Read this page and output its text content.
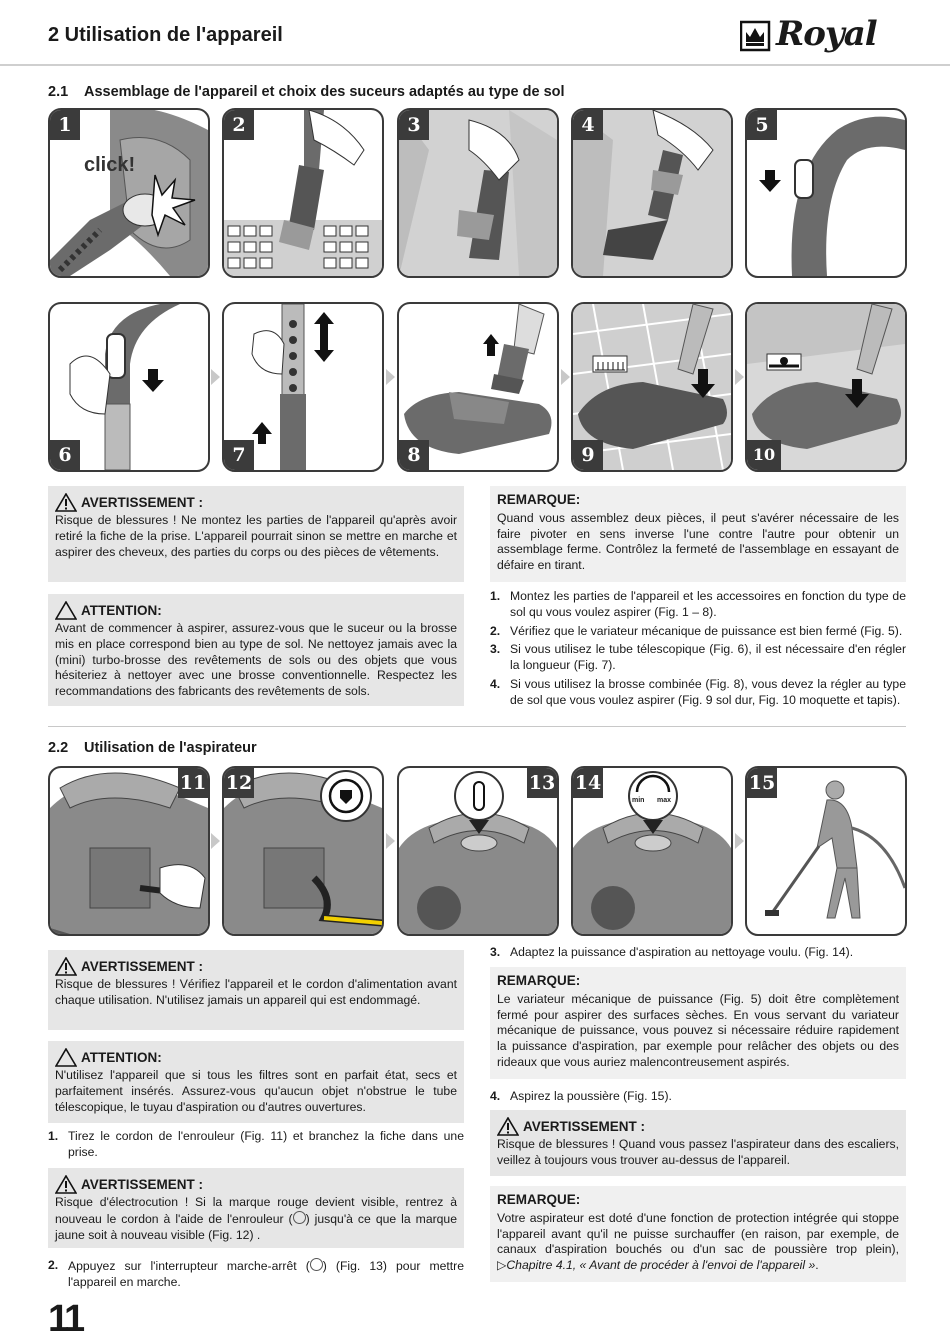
2 Utilisation de l'appareil	Royal
2.1 Assemblage de l'appareil et choix des suceurs adaptés au type de sol
1
click!
2	3	4	5
6	7	8	9	10
AVERTISSEMENT :
Risque de blessures ! Ne montez les parties de l'appareil qu'après avoir retiré la fiche de la prise. L'appareil pourrait sinon se mettre en marche et aspirer des cheveux, des parties du corps ou des pièces de vêtements.
ATTENTION:
Avant de commencer à aspirer, assurez-vous que le suceur ou la brosse mis en place correspond bien au type de sol. Ne nettoyez jamais avec la (mini) turbo-brosse des revêtements de sols ou des objets que vous hésiteriez à nettoyer avec une brosse conventionnelle. Respectez les recommandations des fabricants des revêtements de sols.
REMARQUE:
Quand vous assemblez deux pièces, il peut s'avérer nécessaire de les faire pivoter en sens inverse l'une contre l'autre pour obtenir un assemblage ferme. Contrôlez la fermeté de l'assemblage en essayant de défaire en tirant.
1. Montez les parties de l'appareil et les accessoires en fonction du type de sol qu vous voulez aspirer (Fig. 1 – 8).
2. Vérifiez que le variateur mécanique de puissance est bien fermé (Fig. 5).
3. Si vous utilisez le tube télescopique (Fig. 6), il est nécessaire d'en régler la longueur (Fig. 7).
4. Si vous utilisez la brosse combinée (Fig. 8), vous devez la régler au type de sol que vous voulez aspirer (Fig. 9 sol dur, Fig. 10 moquette et tapis).
2.2 Utilisation de l'aspirateur
11 12	13 14
min max
15
AVERTISSEMENT :
Risque de blessures ! Vérifiez l'appareil et le cordon d'alimentation avant chaque utilisation. N'utilisez jamais un appareil qui est endommagé.
ATTENTION:
N'utilisez l'appareil que si tous les filtres sont en parfait état, secs et parfaitement insérés. Assurez-vous qu'aucun objet n'obstrue le tube télescopique, le tuyau d'aspiration ou d'autres ouvertures.
1. Tirez le cordon de l'enrouleur (Fig. 11) et branchez la fiche dans une prise.
AVERTISSEMENT :
Risque d'électrocution ! Si la marque rouge devient visible, rentrez à nouveau le cordon à l'aide de l'enrouleur ( ) jusqu'à ce que la marque jaune soit à nouveau visible (Fig. 12) .
2. Appuyez sur l'interrupteur marche-arrêt ( ) (Fig. 13) pour mettre l'appareil en marche.
3. Adaptez la puissance d'aspiration au nettoyage voulu. (Fig. 14).
REMARQUE:
Le variateur mécanique de puissance (Fig. 5) doit être complètement fermé pour aspirer des surfaces sèches. En vous servant du variateur mécanique de puissance, vous pouvez si nécessaire réduire rapidement la puissance d'aspiration, par exemple pour relâcher des objets ou des rideaux que vous auriez malencontreusement aspirés.
4. Aspirez la poussière (Fig. 15).
AVERTISSEMENT :
Risque de blessures ! Quand vous passez l'aspirateur dans des escaliers, veillez à toujours vous trouver au-dessus de l'appareil.
REMARQUE:
Votre aspirateur est doté d'une fonction de protection intégrée qui stoppe l'appareil avant qu'il ne puisse surchauffer (en raison, par exemple, de canaux d'aspiration bouchés ou d'un sac de poussière trop plein), ▷Chapitre 4.1, « Avant de procéder à l'envoi de l'appareil ».
11
